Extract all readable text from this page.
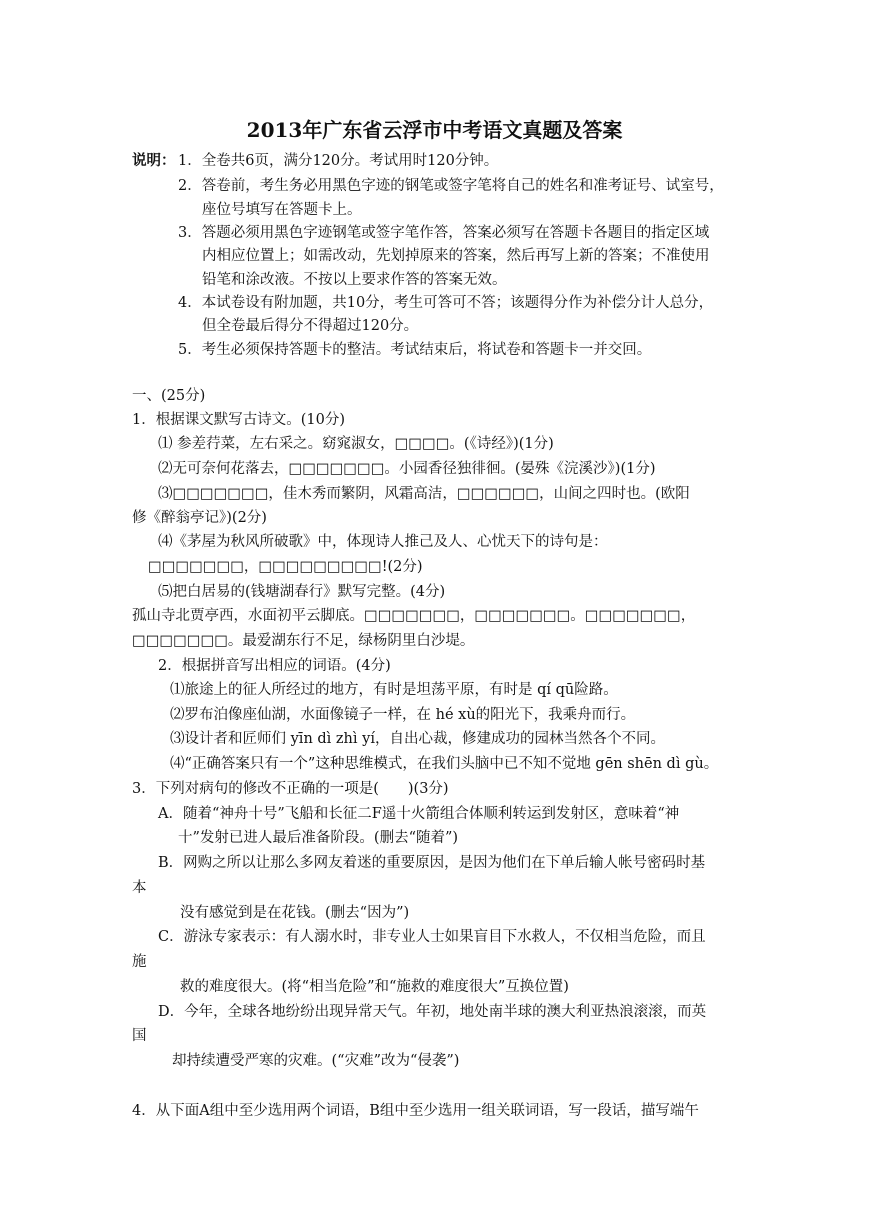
2013年广东省云浮市中考语文真题及答案
说明： 1．全卷共6页，满分120分。考试用时120分钟。
2．答卷前，考生务必用黑色字迹的钢笔或签字笔将自己的姓名和准考证号、试室号，
座位号填写在答题卡上。
3．答题必须用黑色字迹钢笔或签字笔作答，答案必须写在答题卡各题目的指定区域
内相应位置上；如需改动，先划掉原来的答案，然后再写上新的答案；不准使用
铅笔和涂改液。不按以上要求作答的答案无效。
4．本试卷设有附加题，共10分，考生可答可不答；该题得分作为补偿分计人总分，
但全卷最后得分不得超过120分。
5．考生必须保持答题卡的整洁。考试结束后，将试卷和答题卡一并交回。
一、(25分)
1．根据课文默写古诗文。(10分)
⑴ 参差荇菜，左右采之。窈窕淑女，□□□□。(《诗经》)(1分)
⑵无可奈何花落去，□□□□□□□。小园香径独徘徊。(晏殊《浣溪沙》)(1分)
⑶□□□□□□□，佳木秀而繁阴，风霜高洁，□□□□□□，山间之四时也。(欧阳
修《醉翁亭记》)(2分)
⑷《茅屋为秋风所破歌》中，体现诗人推己及人、心忧天下的诗句是：
□□□□□□□，□□□□□□□□□!(2分)
⑸把白居易的(钱塘湖春行》默写完整。(4分)
孤山寺北贾亭西，水面初平云脚底。□□□□□□□，□□□□□□□。□□□□□□□，
□□□□□□□。最爱湖东行不足，绿杨阴里白沙堤。
2．根据拼音写出相应的词语。(4分)
⑴旅途上的征人所经过的地方，有时是坦荡平原，有时是 qí qū险路。
⑵罗布泊像座仙湖，水面像镜子一样，在 hé xù的阳光下，我乘舟而行。
⑶设计者和匠师们 yīn dì zhì yí，自出心裁，修建成功的园林当然各个不同。
⑷“正确答案只有一个”这种思维模式，在我们头脑中已不知不觉地 gēn shēn dì gù。
3．下列对病句的修改不正确的一项是(　　)(3分)
A．随着“神舟十号”飞船和长征二F遥十火箭组合体顺利转运到发射区，意味着“神
十”发射已进人最后准备阶段。(删去“随着”)
B．网购之所以让那么多网友着迷的重要原因，是因为他们在下单后输人帐号密码时基
本
没有感觉到是在花钱。(删去“因为”)
C．游泳专家表示：有人溺水时，非专业人士如果盲目下水救人，不仅相当危险，而且
施
救的难度很大。(将“相当危险”和“施救的难度很大”互换位置)
D．今年，全球各地纷纷出现异常天气。年初，地处南半球的澳大利亚热浪滚滚，而英
国
却持续遭受严寒的灾难。(“灾难”改为“侵袭”)
4．从下面A组中至少选用两个词语，B组中至少选用一组关联词语，写一段话，描写端午
